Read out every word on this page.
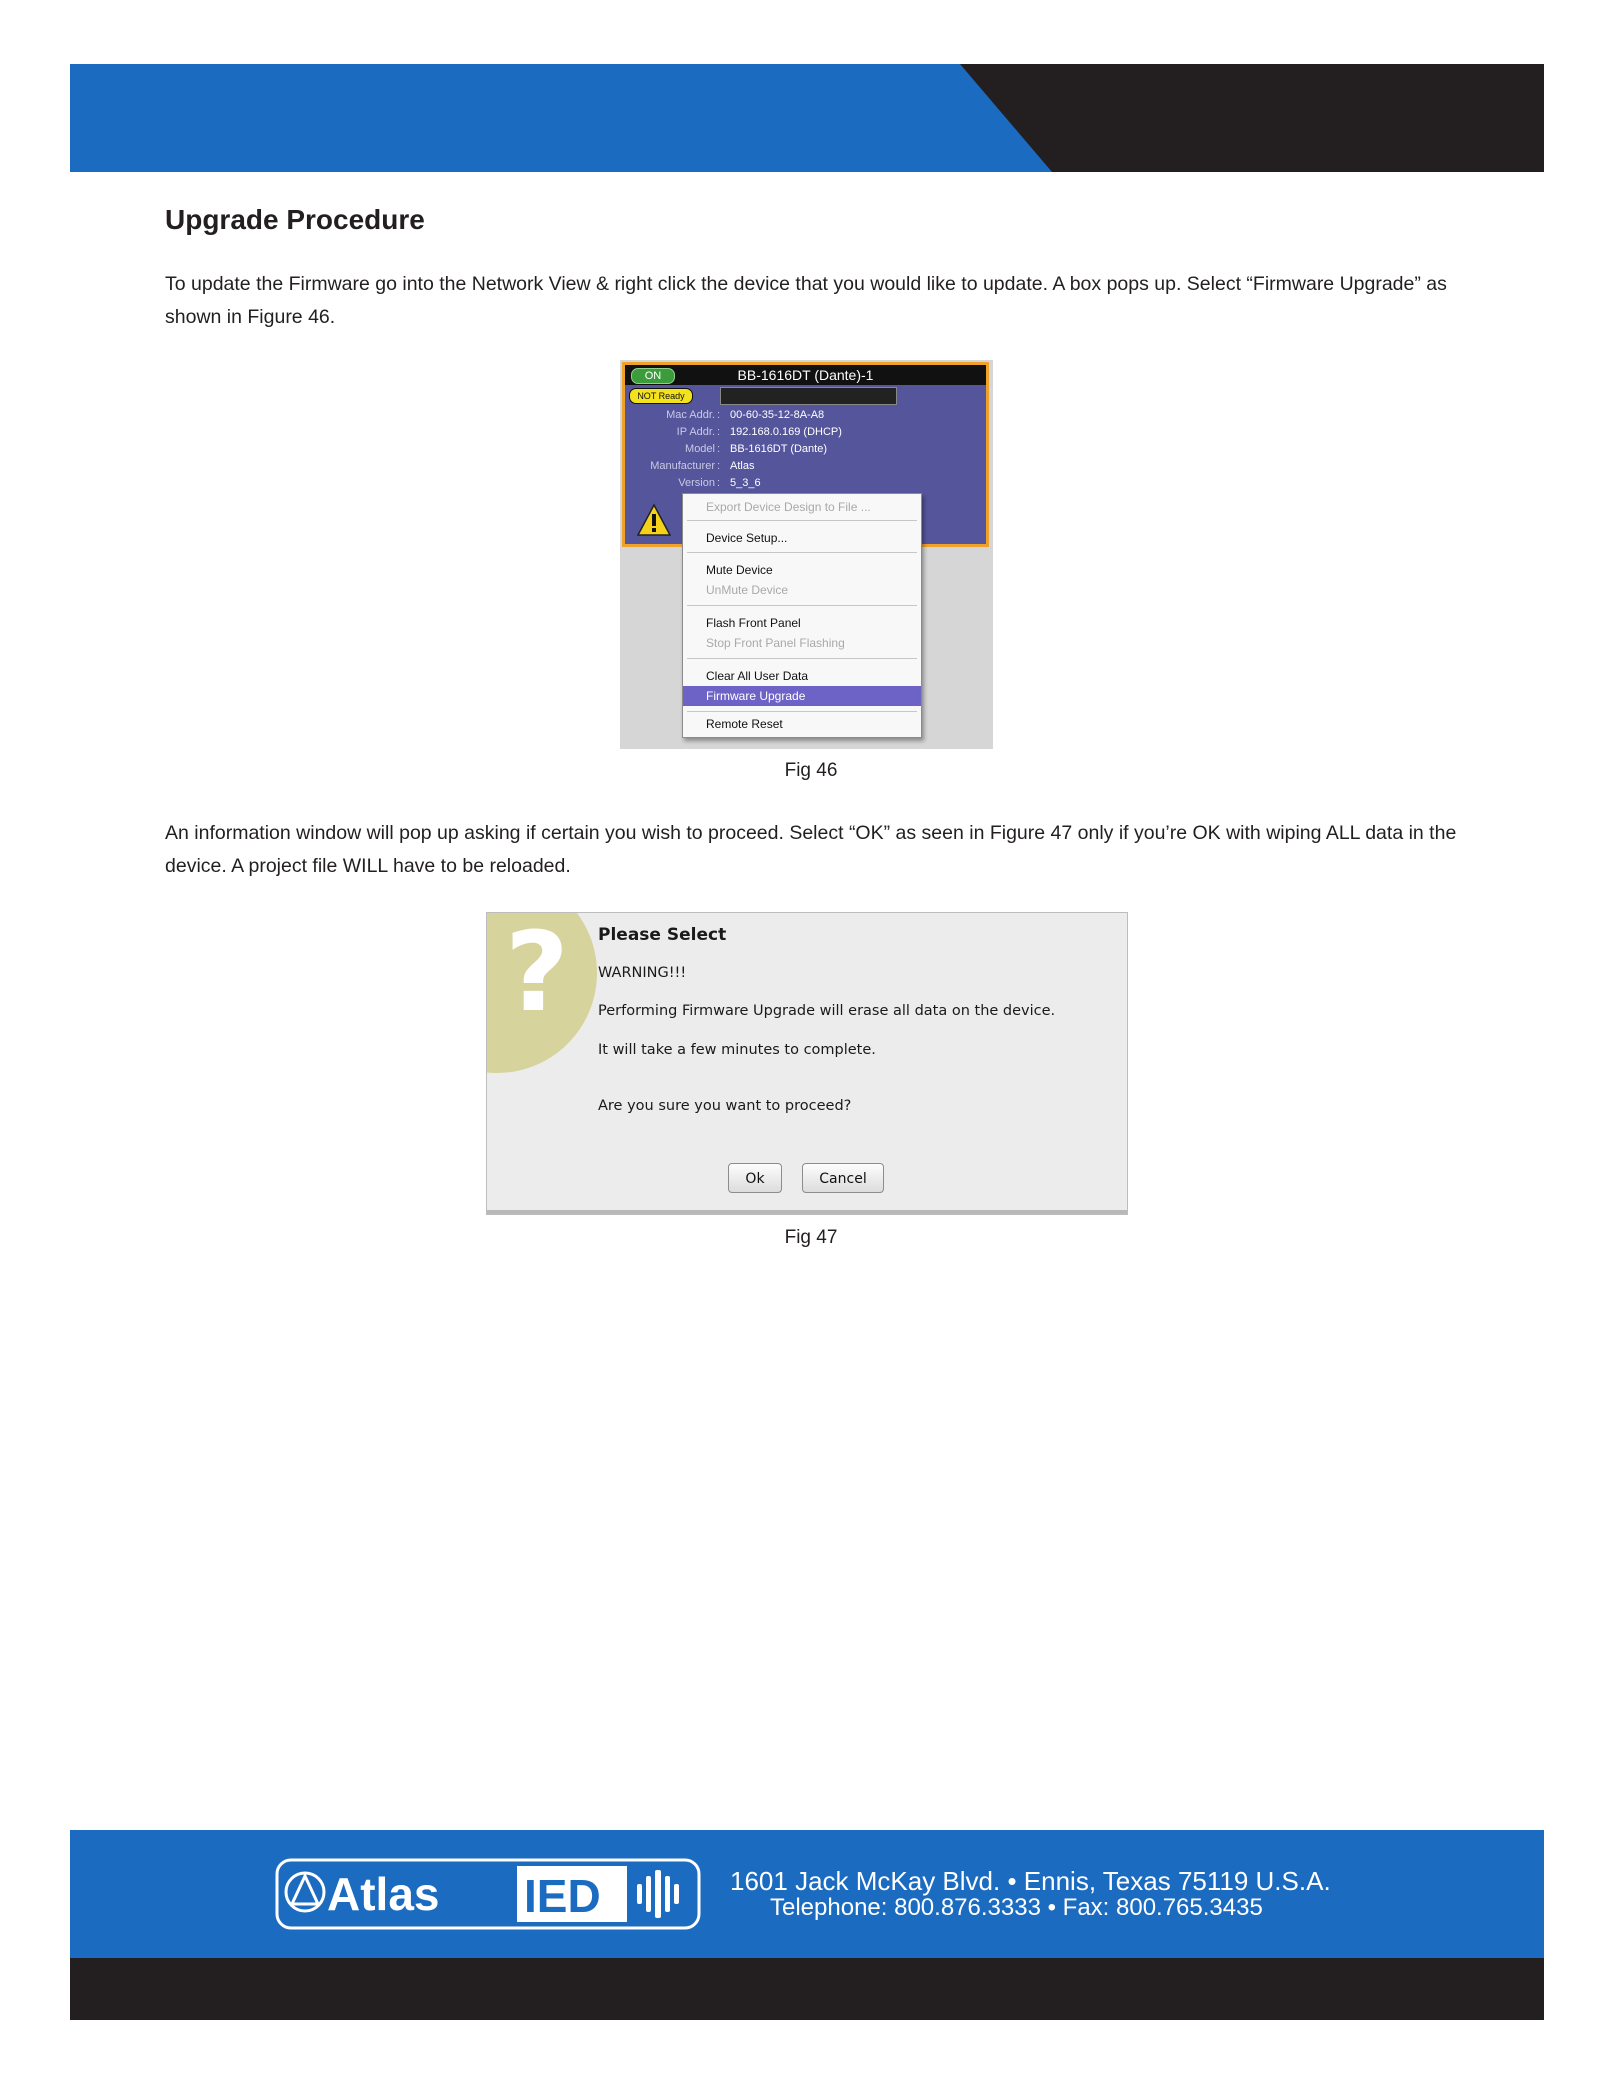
Upgrade Procedure

To update the Firmware go into the Network View & right click the device that you would like to update. A box pops up. Select “Firmware Upgrade” as shown in Figure 46.

ON	BB-1616DT (Dante)-1
NOT Ready
Mac Addr. : 00-60-35-12-8A-A8
IP Addr. : 192.168.0.169 (DHCP)
Model : BB-1616DT (Dante)
Manufacturer : Atlas
Version : 5_3_6
Export Device Design to File ...
Device Setup...
Mute Device
UnMute Device
Flash Front Panel
Stop Front Panel Flashing
Clear All User Data
Firmware Upgrade
Remote Reset
Fig 46

An information window will pop up asking if certain you wish to proceed. Select “OK” as seen in Figure 47 only if you’re OK with wiping ALL data in the device. A project file WILL have to be reloaded.

?	Please Select
WARNING!!!
Performing Firmware Upgrade will erase all data on the device.
It will take a few minutes to complete.
Are you sure you want to proceed?
Ok	Cancel
Fig 47
Atlas IED	1601 Jack McKay Blvd. • Ennis, Texas 75119 U.S.A.
Telephone: 800.876.3333 • Fax: 800.765.3435
